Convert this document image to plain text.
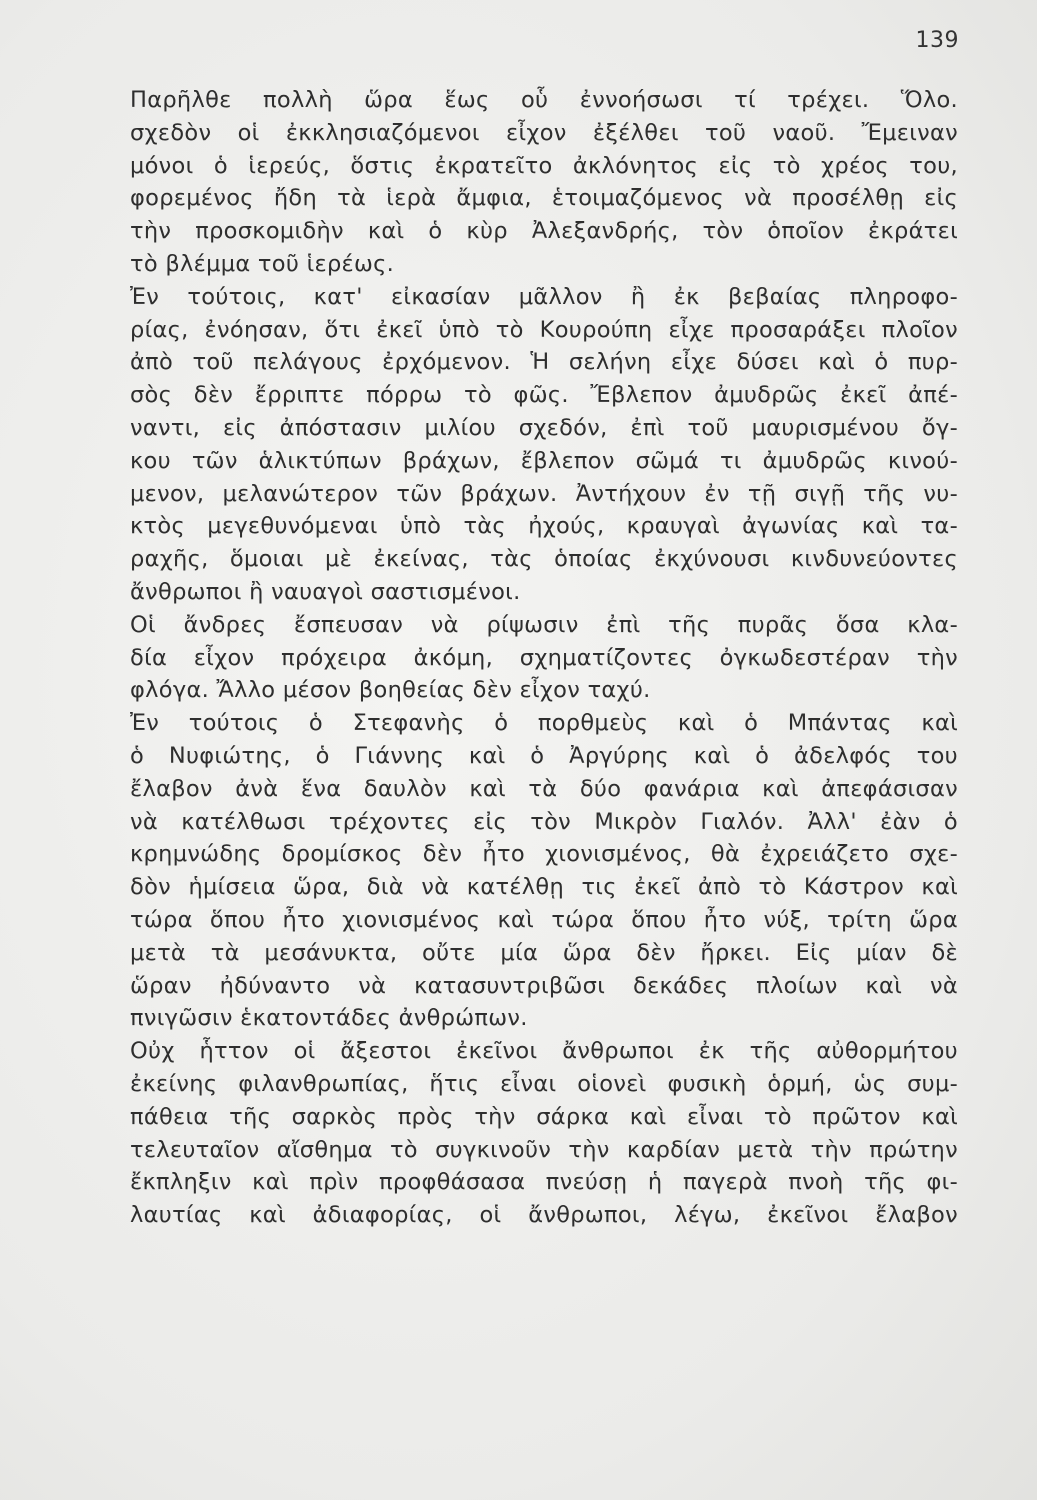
139
Παρῆλθε πολλὴ ὥρα ἕως οὗ ἐννοήσωσι τί τρέχει. Ὅλο.
σχεδὸν οἱ ἐκκλησιαζόμενοι εἶχον ἐξέλθει τοῦ ναοῦ. Ἔμειναν
μόνοι ὁ ἱερεύς, ὅστις ἐκρατεῖτο ἀκλόνητος εἰς τὸ χρέος του,
φορεμένος ἤδη τὰ ἱερὰ ἄμφια, ἑτοιμαζόμενος νὰ προσέλθῃ εἰς
τὴν προσκομιδὴν καὶ ὁ κὺρ Ἀλεξανδρής, τὸν ὁποῖον ἐκράτει
τὸ βλέμμα τοῦ ἱερέως.
Ἐν τούτοις, κατ' εἰκασίαν μᾶλλον ἢ ἐκ βεβαίας πληροφο-
ρίας, ἐνόησαν, ὅτι ἐκεῖ ὑπὸ τὸ Κουρούπη εἶχε προσαράξει πλοῖον
ἀπὸ τοῦ πελάγους ἐρχόμενον. Ἡ σελήνη εἶχε δύσει καὶ ὁ πυρ-
σὸς δὲν ἔρριπτε πόρρω τὸ φῶς. Ἔβλεπον ἀμυδρῶς ἐκεῖ ἀπέ-
ναντι, εἰς ἀπόστασιν μιλίου σχεδόν, ἐπὶ τοῦ μαυρισμένου ὄγ-
κου τῶν ἁλικτύπων βράχων, ἔβλεπον σῶμά τι ἀμυδρῶς κινού-
μενον, μελανώτερον τῶν βράχων. Ἀντήχουν ἐν τῇ σιγῇ τῆς νυ-
κτὸς μεγεθυνόμεναι ὑπὸ τὰς ἠχούς, κραυγαὶ ἀγωνίας καὶ τα-
ραχῆς, ὅμοιαι μὲ ἐκείνας, τὰς ὁποίας ἐκχύνουσι κινδυνεύοντες
ἄνθρωποι ἢ ναυαγοὶ σαστισμένοι.
Οἱ ἄνδρες ἔσπευσαν νὰ ρίψωσιν ἐπὶ τῆς πυρᾶς ὅσα κλα-
δία εἶχον πρόχειρα ἀκόμη, σχηματίζοντες ὀγκωδεστέραν τὴν
φλόγα. Ἄλλο μέσον βοηθείας δὲν εἶχον ταχύ.
Ἐν τούτοις ὁ Στεφανὴς ὁ πορθμεὺς καὶ ὁ Μπάντας καὶ
ὁ Νυφιώτης, ὁ Γιάννης καὶ ὁ Ἀργύρης καὶ ὁ ἀδελφός του
ἔλαβον ἀνὰ ἕνα δαυλὸν καὶ τὰ δύο φανάρια καὶ ἀπεφάσισαν
νὰ κατέλθωσι τρέχοντες εἰς τὸν Μικρὸν Γιαλόν. Ἀλλ' ἐὰν ὁ
κρημνώδης δρομίσκος δὲν ἦτο χιονισμένος, θὰ ἐχρειάζετο σχε-
δὸν ἡμίσεια ὥρα, διὰ νὰ κατέλθῃ τις ἐκεῖ ἀπὸ τὸ Κάστρον καὶ
τώρα ὅπου ἦτο χιονισμένος καὶ τώρα ὅπου ἦτο νύξ, τρίτη ὥρα
μετὰ τὰ μεσάνυκτα, οὔτε μία ὥρα δὲν ἤρκει. Εἰς μίαν δὲ
ὥραν ἠδύναντο νὰ κατασυντριβῶσι δεκάδες πλοίων καὶ νὰ
πνιγῶσιν ἑκατοντάδες ἀνθρώπων.
Οὐχ ἧττον οἱ ἄξεστοι ἐκεῖνοι ἄνθρωποι ἐκ τῆς αὐθορμήτου
ἐκείνης φιλανθρωπίας, ἥτις εἶναι οἱονεὶ φυσικὴ ὁρμή, ὡς συμ-
πάθεια τῆς σαρκὸς πρὸς τὴν σάρκα καὶ εἶναι τὸ πρῶτον καὶ
τελευταῖον αἴσθημα τὸ συγκινοῦν τὴν καρδίαν μετὰ τὴν πρώτην
ἔκπληξιν καὶ πρὶν προφθάσασα πνεύσῃ ἡ παγερὰ πνοὴ τῆς φι-
λαυτίας καὶ ἀδιαφορίας, οἱ ἄνθρωποι, λέγω, ἐκεῖνοι ἔλαβον
